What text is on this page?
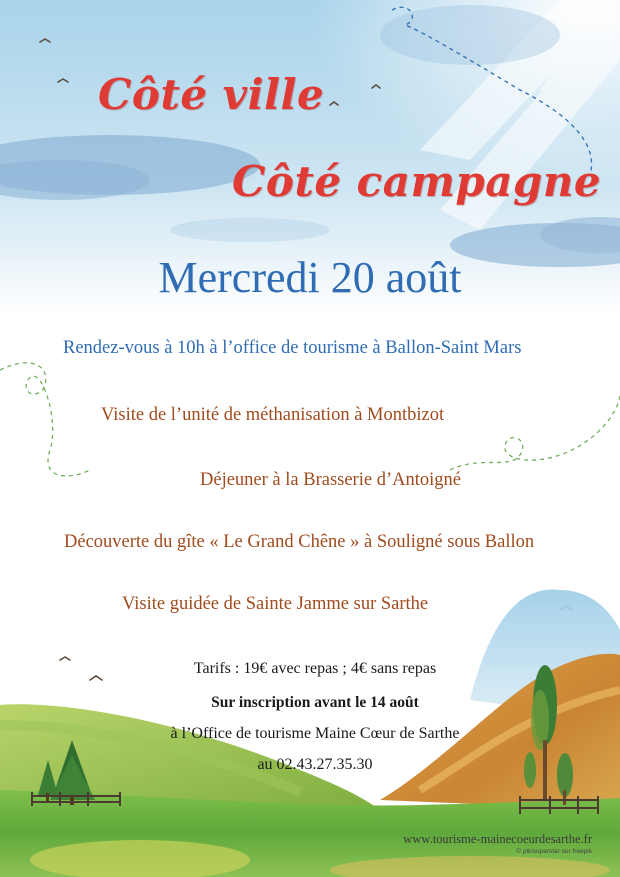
Côté ville
Côté campagne
Mercredi 20 août
Rendez-vous à 10h à l’office de tourisme à Ballon-Saint Mars
Visite de l’unité de méthanisation à Montbizot
Déjeuner à la Brasserie d’Antoigné
Découverte du gîte « Le Grand Chêne » à Souligné sous Ballon
Visite guidée de Sainte Jamme sur Sarthe
Tarifs : 19€ avec repas ; 4€ sans repas
Sur inscription avant le 14 août
à l’Office de tourisme Maine Cœur de Sarthe
au 02.43.27.35.30
www.tourisme-mainecoeurdesarthe.fr
© pikisuperstar sur freepik
